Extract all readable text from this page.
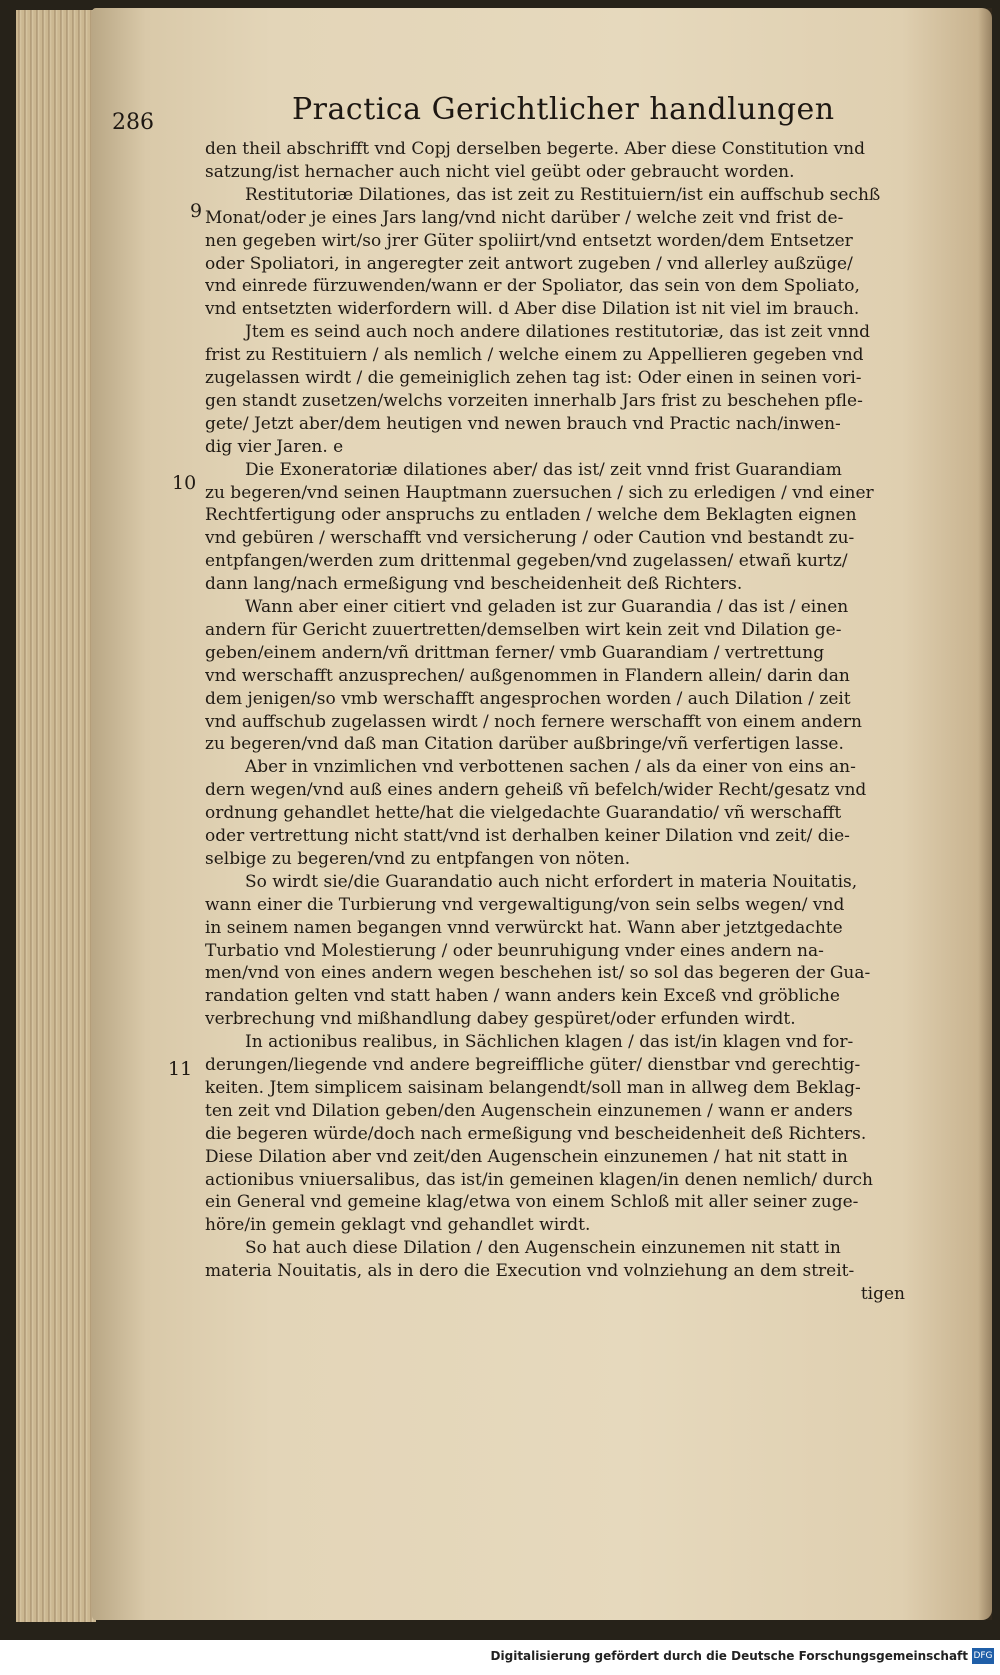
286	Practica Gerichtlicher handlungen
9
10
11
den theil abschrifft vnd Copj derselben begerte. Aber diese Constitution vnd
satzung/ist hernacher auch nicht viel geübt oder gebraucht worden.
Restitutoriæ Dilationes, das ist zeit zu Restituiern/ist ein auffschub sechß
Monat/oder je eines Jars lang/vnd nicht darüber / welche zeit vnd frist de-
nen gegeben wirt/so jrer Güter spoliirt/vnd entsetzt worden/dem Entsetzer
oder Spoliatori, in angeregter zeit antwort zugeben / vnd allerley außzüge/
vnd einrede fürzuwenden/wann er der Spoliator, das sein von dem Spoliato,
vnd entsetzten widerfordern will. d Aber dise Dilation ist nit viel im brauch.
Jtem es seind auch noch andere dilationes restitutoriæ, das ist zeit vnnd
frist zu Restituiern / als nemlich / welche einem zu Appellieren gegeben vnd
zugelassen wirdt / die gemeiniglich zehen tag ist: Oder einen in seinen vori-
gen standt zusetzen/welchs vorzeiten innerhalb Jars frist zu beschehen pfle-
gete/ Jetzt aber/dem heutigen vnd newen brauch vnd Practic nach/inwen-
dig vier Jaren. e
Die Exoneratoriæ dilationes aber/ das ist/ zeit vnnd frist Guarandiam
zu begeren/vnd seinen Hauptmann zuersuchen / sich zu erledigen / vnd einer
Rechtfertigung oder anspruchs zu entladen / welche dem Beklagten eignen
vnd gebüren / werschafft vnd versicherung / oder Caution vnd bestandt zu-
entpfangen/werden zum drittenmal gegeben/vnd zugelassen/ etwañ kurtz/
dann lang/nach ermeßigung vnd bescheidenheit deß Richters.
Wann aber einer citiert vnd geladen ist zur Guarandia / das ist / einen
andern für Gericht zuuertretten/demselben wirt kein zeit vnd Dilation ge-
geben/einem andern/vñ drittman ferner/ vmb Guarandiam / vertrettung
vnd werschafft anzusprechen/ außgenommen in Flandern allein/ darin dan
dem jenigen/so vmb werschafft angesprochen worden / auch Dilation / zeit
vnd auffschub zugelassen wirdt / noch fernere werschafft von einem andern
zu begeren/vnd daß man Citation darüber außbringe/vñ verfertigen lasse.
Aber in vnzimlichen vnd verbottenen sachen / als da einer von eins an-
dern wegen/vnd auß eines andern geheiß vñ befelch/wider Recht/gesatz vnd
ordnung gehandlet hette/hat die vielgedachte Guarandatio/ vñ werschafft
oder vertrettung nicht statt/vnd ist derhalben keiner Dilation vnd zeit/ die-
selbige zu begeren/vnd zu entpfangen von nöten.
So wirdt sie/die Guarandatio auch nicht erfordert in materia Nouitatis,
wann einer die Turbierung vnd vergewaltigung/von sein selbs wegen/ vnd
in seinem namen begangen vnnd verwürckt hat. Wann aber jetztgedachte
Turbatio vnd Molestierung / oder beunruhigung vnder eines andern na-
men/vnd von eines andern wegen beschehen ist/ so sol das begeren der Gua-
randation gelten vnd statt haben / wann anders kein Exceß vnd gröbliche
verbrechung vnd mißhandlung dabey gespüret/oder erfunden wirdt.
In actionibus realibus, in Sächlichen klagen / das ist/in klagen vnd for-
derungen/liegende vnd andere begreiffliche güter/ dienstbar vnd gerechtig-
keiten. Jtem simplicem saisinam belangendt/soll man in allweg dem Beklag-
ten zeit vnd Dilation geben/den Augenschein einzunemen / wann er anders
die begeren würde/doch nach ermeßigung vnd bescheidenheit deß Richters.
Diese Dilation aber vnd zeit/den Augenschein einzunemen / hat nit statt in
actionibus vniuersalibus, das ist/in gemeinen klagen/in denen nemlich/ durch
ein General vnd gemeine klag/etwa von einem Schloß mit aller seiner zuge-
höre/in gemein geklagt vnd gehandlet wirdt.
So hat auch diese Dilation / den Augenschein einzunemen nit statt in
materia Nouitatis, als in dero die Execution vnd volnziehung an dem streit-
tigen
Digitalisierung gefördert durch die Deutsche Forschungsgemeinschaft DFG
